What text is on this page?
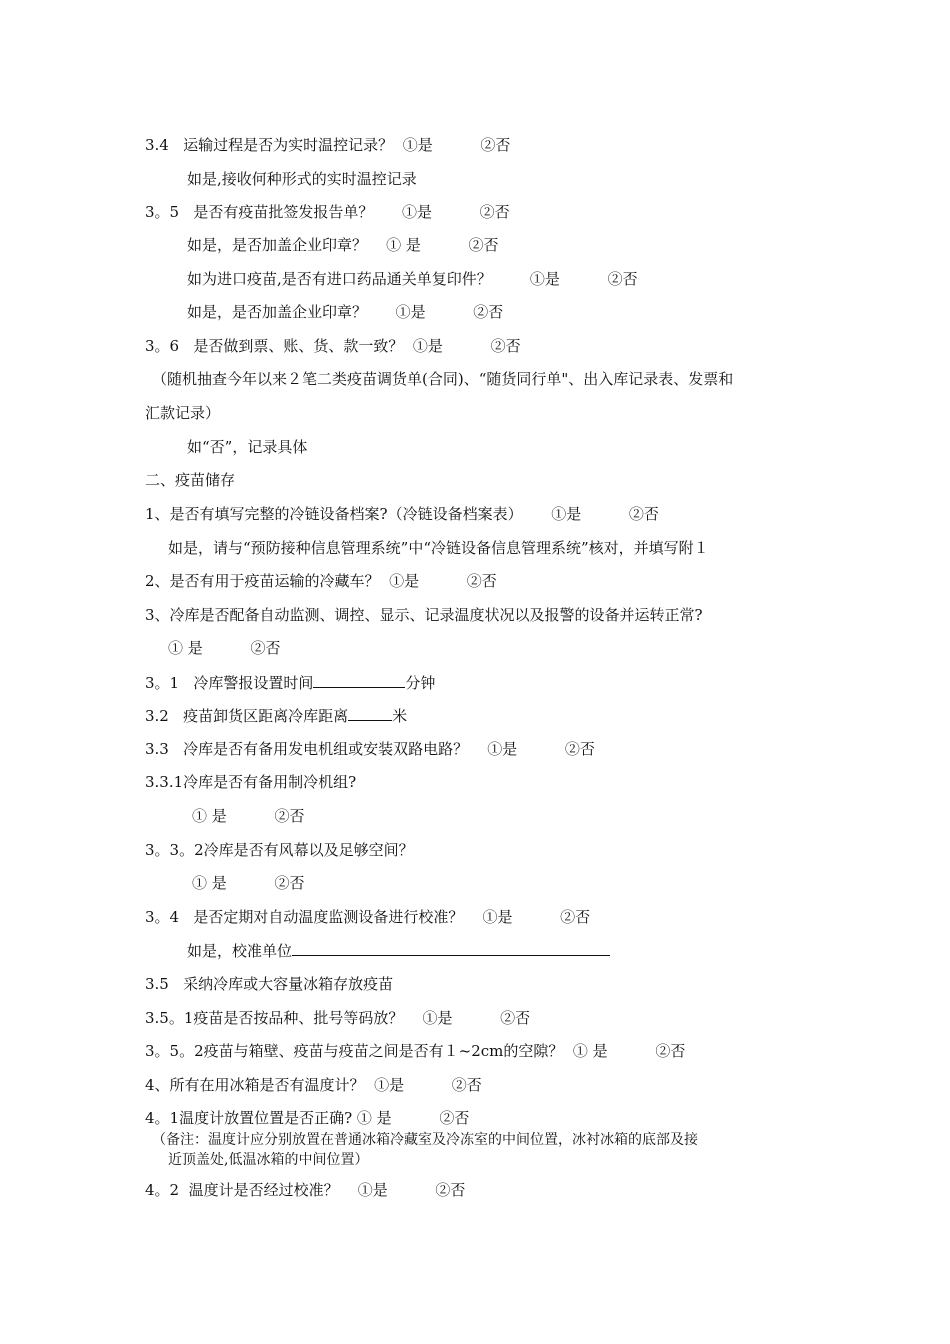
3.4   运输过程是否为实时温控记录？  ①是          ②否
如是,接收何种形式的实时温控记录
3。5   是否有疫苗批签发报告单？      ①是          ②否
如是，是否加盖企业印章？    ① 是          ②否
如为进口疫苗,是否有进口药品通关单复印件？        ①是          ②否
如是，是否加盖企业印章？      ①是          ②否
3。6   是否做到票、账、货、款一致？  ①是          ②否
（随机抽查今年以来２笔二类疫苗调货单(合同)、“随货同行单"、出入库记录表、发票和
汇款记录）
如“否”，记录具体
二、疫苗储存
1、是否有填写完整的冷链设备档案?（冷链设备档案表）      ①是          ②否
如是，请与“预防接种信息管理系统”中“冷链设备信息管理系统”核对，并填写附１
2、是否有用于疫苗运输的冷藏车？  ①是          ②否
3、冷库是否配备自动监测、调控、显示、记录温度状况以及报警的设备并运转正常?
① 是          ②否
3。1   冷库警报设置时间	分钟
3.2   疫苗卸货区距离冷库距离	米
3.3   冷库是否有备用发电机组或安装双路电路？    ①是          ②否
3.3.1冷库是否有备用制冷机组?
① 是          ②否
3。3。2冷库是否有风幕以及足够空间？
① 是          ②否
3。4   是否定期对自动温度监测设备进行校准？    ①是          ②否
如是，校准单位
3.5   采纳冷库或大容量冰箱存放疫苗
3.5。1疫苗是否按品种、批号等码放？    ①是          ②否
3。5。2疫苗与箱壁、疫苗与疫苗之间是否有１~2cm的空隙？  ① 是          ②否
4、所有在用冰箱是否有温度计？  ①是          ②否
4。1温度计放置位置是否正确? ① 是          ②否
（备注：温度计应分别放置在普通冰箱冷藏室及冷冻室的中间位置，冰衬冰箱的底部及接
近顶盖处,低温冰箱的中间位置）
4。2  温度计是否经过校准？    ①是          ②否
